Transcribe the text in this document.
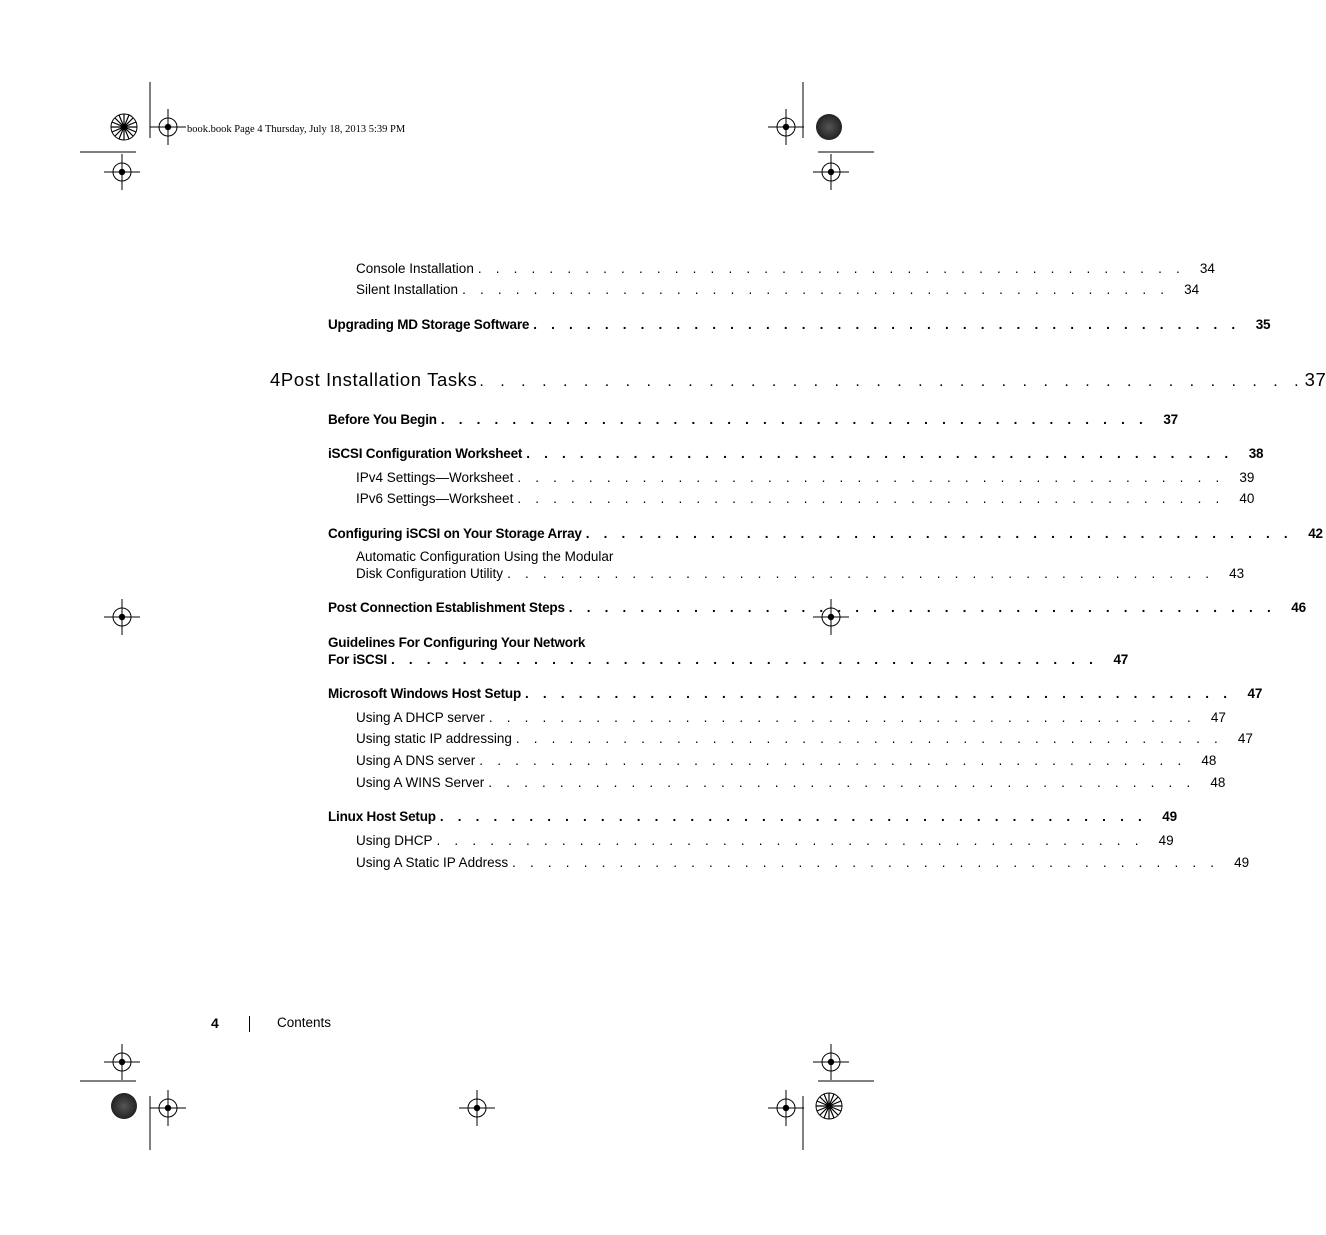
book.book Page 4 Thursday, July 18, 2013 5:39 PM
Console Installation . . . . . . . . . . . . . . . . . . . . . . . . . . . . . . . . . . . . . . . .	34
Silent Installation . . . . . . . . . . . . . . . . . . . . . . . . . . . . . . . . . . . . . . . .	34
Upgrading MD Storage Software . . . . . . . . . . . . . . . . . . . . . . . . . . . . . . . . . . . . . . . .	35
4 Post Installation Tasks . . . . . . . . . . . . . . . . . . . . . . . . . . . . . . . . . . . . . . . . 37
Before You Begin . . . . . . . . . . . . . . . . . . . . . . . . . . . . . . . . . . . . . . . .	37
iSCSI Configuration Worksheet . . . . . . . . . . . . . . . . . . . . . . . . . . . . . . . . . . . . . . . .	38
IPv4 Settings—Worksheet . . . . . . . . . . . . . . . . . . . . . . . . . . . . . . . . . . . . . . . .	39
IPv6 Settings—Worksheet . . . . . . . . . . . . . . . . . . . . . . . . . . . . . . . . . . . . . . . .	40
Configuring iSCSI on Your Storage Array . . . . . . . . . . . . . . . . . . . . . . . . . . . . . . . . . . . . . . . .	42
Automatic Configuration Using the Modular
Disk Configuration Utility . . . . . . . . . . . . . . . . . . . . . . . . . . . . . . . . . . . . . . . .	43
Post Connection Establishment Steps . . . . . . . . . . . . . . . . . . . . . . . . . . . . . . . . . . . . . . . .	46
Guidelines For Configuring Your Network
For iSCSI . . . . . . . . . . . . . . . . . . . . . . . . . . . . . . . . . . . . . . . .	47
Microsoft Windows Host Setup . . . . . . . . . . . . . . . . . . . . . . . . . . . . . . . . . . . . . . . .	47
Using A DHCP server . . . . . . . . . . . . . . . . . . . . . . . . . . . . . . . . . . . . . . . .	47
Using static IP addressing . . . . . . . . . . . . . . . . . . . . . . . . . . . . . . . . . . . . . . . .	47
Using A DNS server . . . . . . . . . . . . . . . . . . . . . . . . . . . . . . . . . . . . . . . .	48
Using A WINS Server . . . . . . . . . . . . . . . . . . . . . . . . . . . . . . . . . . . . . . . .	48
Linux Host Setup . . . . . . . . . . . . . . . . . . . . . . . . . . . . . . . . . . . . . . . .	49
Using DHCP . . . . . . . . . . . . . . . . . . . . . . . . . . . . . . . . . . . . . . . .	49
Using A Static IP Address . . . . . . . . . . . . . . . . . . . . . . . . . . . . . . . . . . . . . . . .	49
4	Contents
